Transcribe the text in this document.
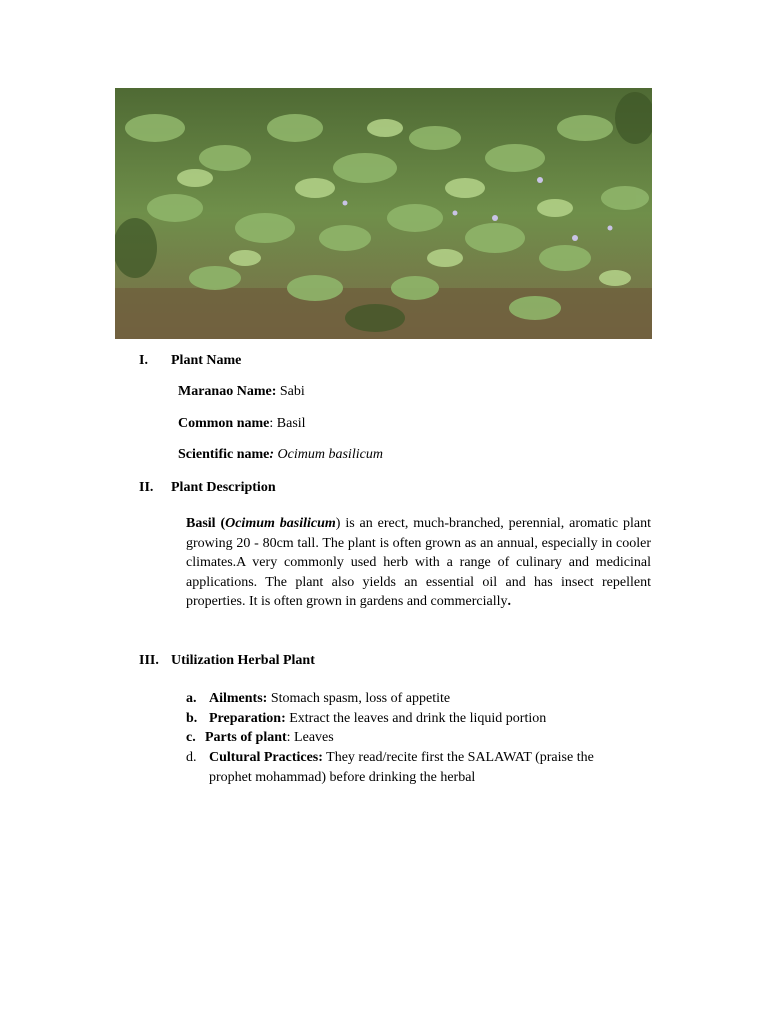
I. Plant Name
Maranao Name: Sabi
Common name: Basil
Scientific name: Ocimum basilicum
II. Plant Description
Basil (Ocimum basilicum) is an erect, much-branched, perennial, aromatic plant growing 20 - 80cm tall. The plant is often grown as an annual, especially in cooler climates.A very commonly used herb with a range of culinary and medicinal applications. The plant also yields an essential oil and has insect repellent properties. It is often grown in gardens and commercially.
III. Utilization Herbal Plant
a. Ailments: Stomach spasm, loss of appetite
b. Preparation: Extract the leaves and drink the liquid portion
c. Parts of plant: Leaves
d. Cultural Practices: They read/recite first the SALAWAT (praise the
prophet mohammad) before drinking the herbal
